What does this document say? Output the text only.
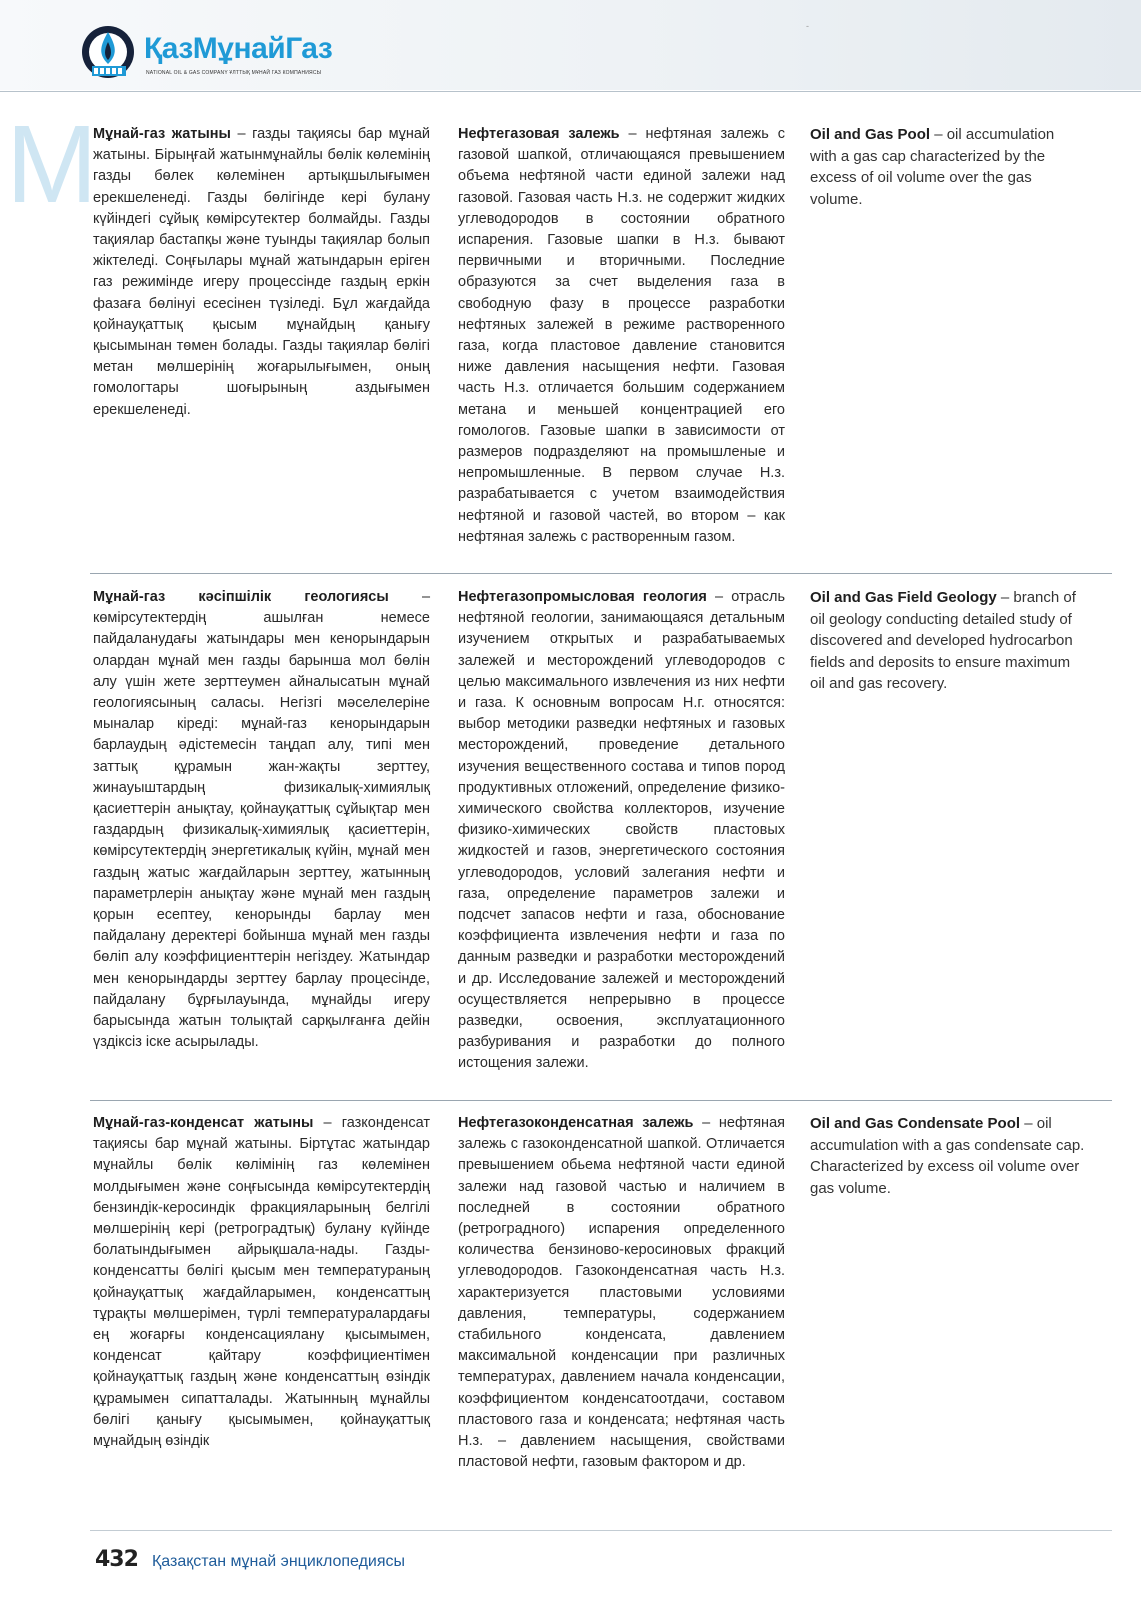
ҚазМұнайГаз
NATIONAL OIL & GAS COMPANY ҰЛТТЫҚ МҰНАЙ ГАЗ КОМПАНИЯСЫ
-
М
Мұнай-газ жатыны – газды тақиясы бар мұнай жатыны. Бірыңғай жатынмұнайлы бөлік көлемінің газды бөлек көлемінен артықшылығымен ерекшеленеді. Газды бөлігінде кері булану күйіндегі сұйық көмірсутектер болмайды. Газды тақиялар бастапқы және туынды тақиялар болып жіктеледі. Соңғылары мұнай жатындарын еріген газ режимінде игеру процессінде газдың еркін фазаға бөлінуі есесінен түзіледі. Бұл жағдайда қойнауқаттық қысым мұнайдың қанығу қысымынан төмен болады. Газды тақиялар бөлігі метан мөлшерінің жоғарылығымен, оның гомологтары шоғырының аздығымен ерекшеленеді.
Нефтегазовая залежь – нефтяная залежь с газовой шапкой, отличающаяся превышением объема нефтяной части единой залежи над газовой. Газовая часть Н.з. не содержит жидких углеводородов в состоянии обратного испарения. Газовые шапки в Н.з. бывают первичными и вторичными. Последние образуются за счет выделения газа в свободную фазу в процессе разработки нефтяных залежей в режиме растворенного газа, когда пластовое давление становится ниже давления насыщения нефти. Газовая часть Н.з. отличается большим содержанием метана и меньшей концентрацией его гомологов. Газовые шапки в зависимости от размеров подразделяют на промышленые и непромышленные. В первом случае Н.з. разрабатывается с учетом взаимодействия нефтяной и газовой частей, во втором – как нефтяная залежь с растворенным газом.
Oil and Gas Pool – oil accumulation with a gas cap characterized by the excess of oil volume over the gas volume.
Мұнай-газ кәсіпшілік геологиясы – көмірсутектердің ашылған немесе пайдаланудағы жатындары мен кенорындарын олардан мұнай мен газды барынша мол бөлін алу үшін жете зерттеумен айналысатын мұнай геологиясының саласы. Негізгі мәселелеріне мыналар кіреді: мұнай-газ кенорындарын барлаудың әдістемесін таңдап алу, типі мен заттық құрамын жан-жақты зерттеу, жинауыштардың физикалық-химиялық қасиеттерін анықтау, қойнауқаттық сұйықтар мен газдардың физикалық-химиялық қасиеттерін, көмірсутектердің энергетикалық күйін, мұнай мен газдың жатыс жағдайларын зерттеу, жатынның параметрлерін анықтау және мұнай мен газдың қорын есептеу, кенорынды барлау мен пайдалану деректері бойынша мұнай мен газды бөліп алу коэффициенттерін негіздеу. Жатындар мен кенорындарды зерттеу барлау процесінде, пайдалану бұрғылауында, мұнайды игеру барысында жатын толықтай сарқылғанға дейін үздіксіз іске асырылады.
Нефтегазопромысловая геология – отрасль нефтяной геологии, занимающаяся детальным изучением открытых и разрабатываемых залежей и месторождений углеводородов с целью максимального извлечения из них нефти и газа. К основным вопросам Н.г. относятся: выбор методики разведки нефтяных и газовых месторождений, проведение детального изучения вещественного состава и типов пород продуктивных отложений, определение физико-химического свойства коллекторов, изучение физико-химических свойств пластовых жидкостей и газов, энергетического состояния углеводородов, условий залегания нефти и газа, определение параметров залежи и подсчет запасов нефти и газа, обоснование коэффициента извлечения нефти и газа по данным разведки и разработки месторождений и др. Исследование залежей и месторождений осуществляется непрерывно в процессе разведки, освоения, эксплуатационного разбуривания и разработки до полного истощения залежи.
Oil and Gas Field Geology – branch of oil geology conducting detailed study of discovered and developed hydrocarbon fields and deposits to ensure maximum oil and gas recovery.
Мұнай-газ-конденсат жатыны – газконденсат тақиясы бар мұнай жатыны. Біртұтас жатындар мұнайлы бөлік көлімінің газ көлемінен молдығымен және соңғысында көмірсутектердің бензиндік-керосиндік фракцияларының белгілі мөлшерінің кері (ретроградтық) булану күйінде болатындығымен айрықшала-нады. Газды-конденсатты бөлігі қысым мен температураның қойнауқаттық жағдайларымен, конденсаттың тұрақты мөлшерімен, түрлі температуралардағы ең жоғарғы конденсациялану қысымымен, конденсат қайтару коэффициентімен қойнауқаттық газдың және конденсаттың өзіндік құрамымен сипатталады. Жатынның мұнайлы бөлігі қанығу қысымымен, қойнауқаттық мұнайдың өзіндік
Нефтегазоконденсатная залежь – нефтяная залежь с газоконденсатной шапкой. Отличается превышением обьема нефтяной части единой залежи над газовой частью и наличием в последней в состоянии обратного (ретроградного) испарения определенного количества бензиново-керосиновых фракций углеводородов. Газоконденсатная часть Н.з. характеризуется пластовыми условиями давления, температуры, содержанием стабильного конденсата, давлением максимальной конденсации при различных температурах, давлением начала конденсации, коэффициентом конденсатоотдачи, составом пластового газа и конденсата; нефтяная часть Н.з. – давлением насыщения, свойствами пластовой нефти, газовым фактором и др.
Oil and Gas Condensate Pool – oil accumulation with a gas condensate cap. Characterized by excess oil volume over gas volume.
432 Қазақстан мұнай энциклопедиясы
